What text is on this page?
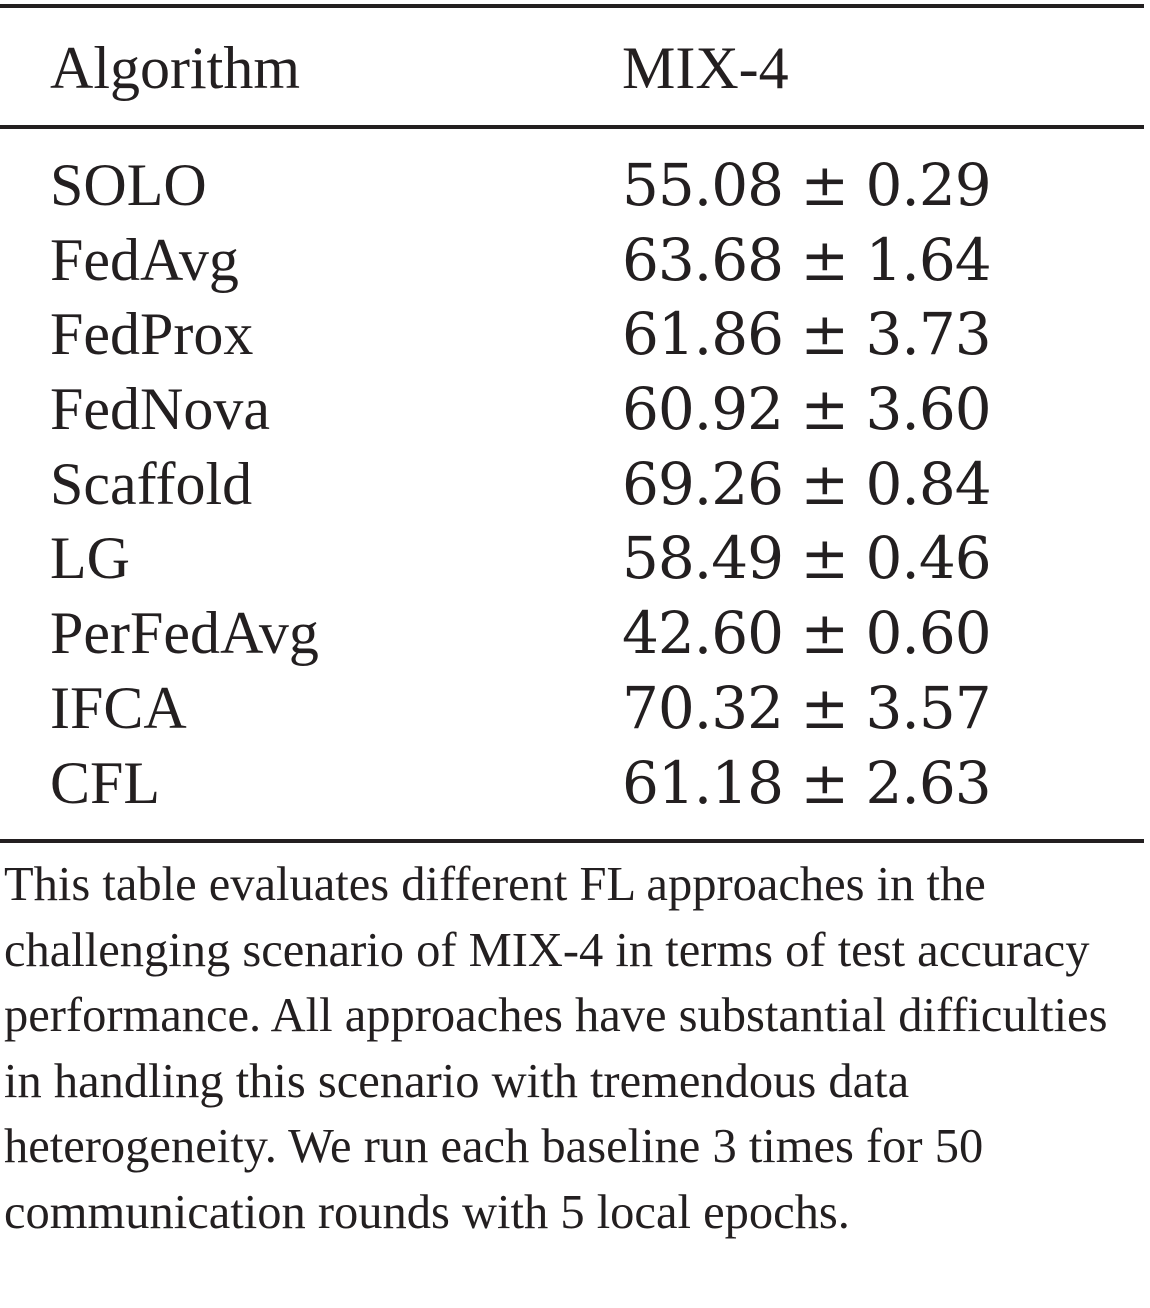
Algorithm	MIX-4
SOLO	55.08 ± 0.29
FedAvg	63.68 ± 1.64
FedProx	61.86 ± 3.73
FedNova	60.92 ± 3.60
Scaffold	69.26 ± 0.84
LG	58.49 ± 0.46
PerFedAvg	42.60 ± 0.60
IFCA	70.32 ± 3.57
CFL	61.18 ± 2.63

This table evaluates different FL approaches in the challenging scenario of MIX-4 in terms of test accuracy performance. All approaches have substantial difficulties in handling this scenario with tremendous data heterogeneity. We run each baseline 3 times for 50 communication rounds with 5 local epochs.
